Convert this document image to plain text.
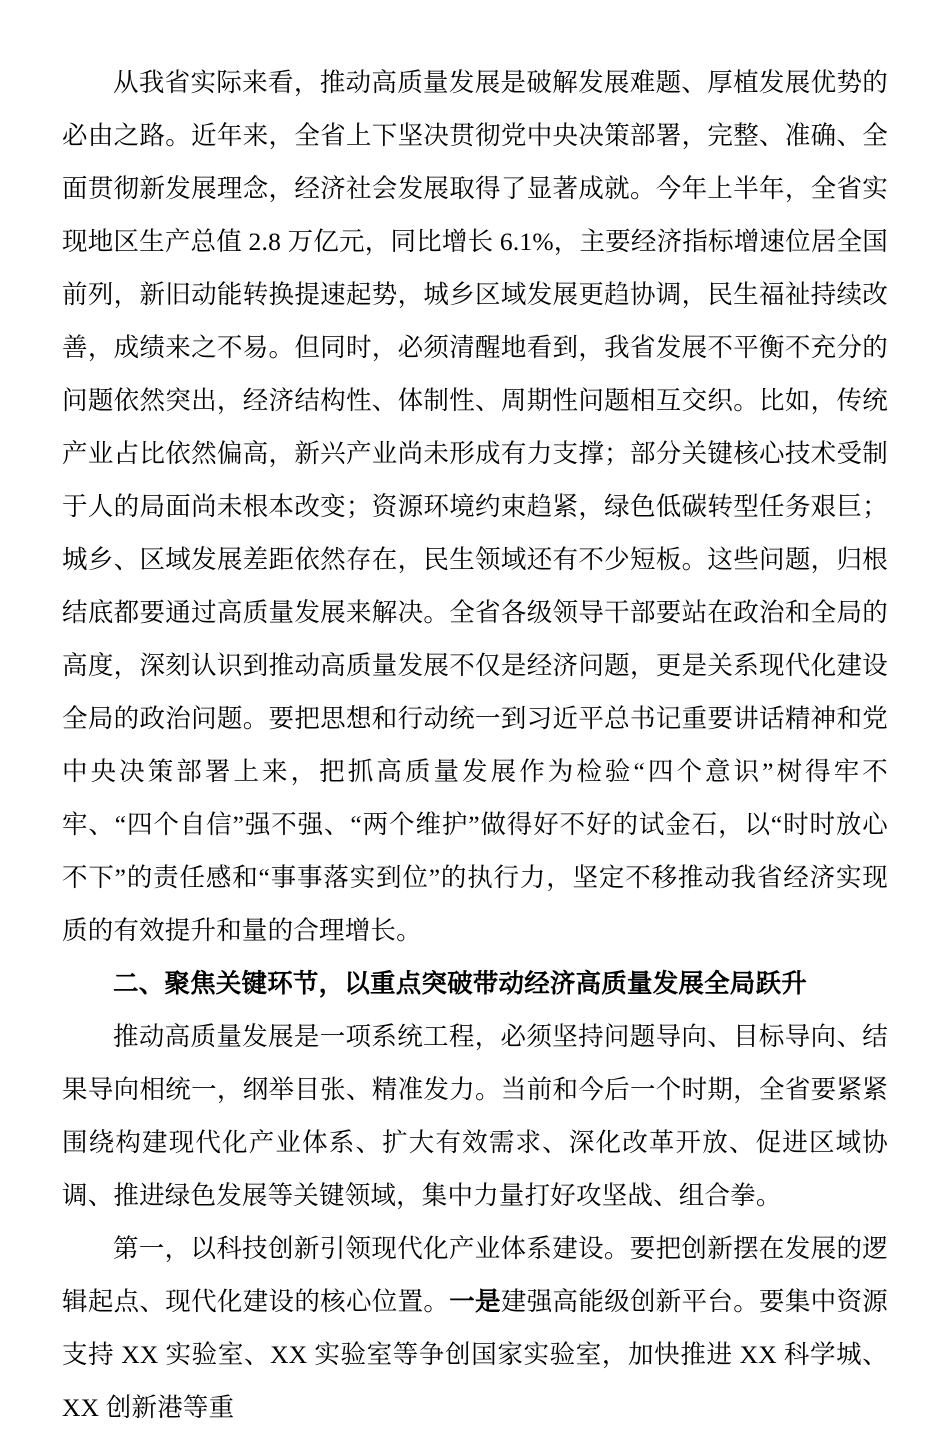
从我省实际来看，推动高质量发展是破解发展难题、厚植发展优势的必由之路。近年来，全省上下坚决贯彻党中央决策部署，完整、准确、全面贯彻新发展理念，经济社会发展取得了显著成就。今年上半年，全省实现地区生产总值 2.8 万亿元，同比增长 6.1%，主要经济指标增速位居全国前列，新旧动能转换提速起势，城乡区域发展更趋协调，民生福祉持续改善，成绩来之不易。但同时，必须清醒地看到，我省发展不平衡不充分的问题依然突出，经济结构性、体制性、周期性问题相互交织。比如，传统产业占比依然偏高，新兴产业尚未形成有力支撑；部分关键核心技术受制于人的局面尚未根本改变；资源环境约束趋紧，绿色低碳转型任务艰巨；城乡、区域发展差距依然存在，民生领域还有不少短板。这些问题，归根结底都要通过高质量发展来解决。全省各级领导干部要站在政治和全局的高度，深刻认识到推动高质量发展不仅是经济问题，更是关系现代化建设全局的政治问题。要把思想和行动统一到习近平总书记重要讲话精神和党中央决策部署上来，把抓高质量发展作为检验“四个意识”树得牢不牢、“四个自信”强不强、“两个维护”做得好不好的试金石，以“时时放心不下”的责任感和“事事落实到位”的执行力，坚定不移推动我省经济实现质的有效提升和量的合理增长。

二、聚焦关键环节，以重点突破带动经济高质量发展全局跃升

推动高质量发展是一项系统工程，必须坚持问题导向、目标导向、结果导向相统一，纲举目张、精准发力。当前和今后一个时期，全省要紧紧围绕构建现代化产业体系、扩大有效需求、深化改革开放、促进区域协调、推进绿色发展等关键领域，集中力量打好攻坚战、组合拳。

第一，以科技创新引领现代化产业体系建设。要把创新摆在发展的逻辑起点、现代化建设的核心位置。一是建强高能级创新平台。要集中资源支持 XX 实验室、XX 实验室等争创国家实验室，加快推进 XX 科学城、XX 创新港等重
